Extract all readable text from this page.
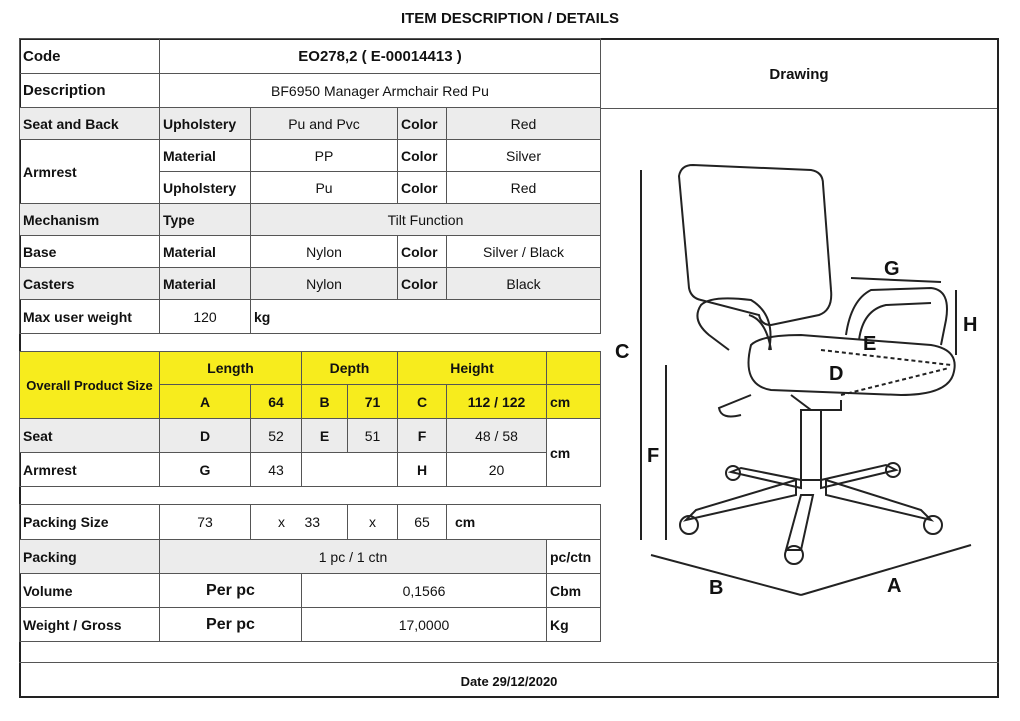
ITEM DESCRIPTION / DETAILS
Code	EO278,2 ( E-00014413 )						
Description	BF6950 Manager Armchair Red Pu						
Seat and Back	Upholstery	Pu and Pvc			Color	Red	
Armrest	Material	PP			Color	Silver	
	Upholstery	Pu			Color	Red	
Mechanism	Type	Tilt Function					
Base	Material	Nylon			Color	Silver / Black	
Casters	Material	Nylon			Color	Black	
Max user weight	120	kg					

Overall Product Size	Length		Depth		Height		
	A	64	B	71	C	112 / 122	cm
Seat	D	52	E	51	F	48 / 58	cm
Armrest	G	43			H	20	

Packing Size	73	x 33		x	65	cm	
Packing	1 pc / 1 ctn						pc/ctn
Volume	Per pc		0,1566				Cbm
Weight / Gross	Per pc		17,0000				Kg
Drawing
C
F
H
G
E
D
B	A
Date 29/12/2020
